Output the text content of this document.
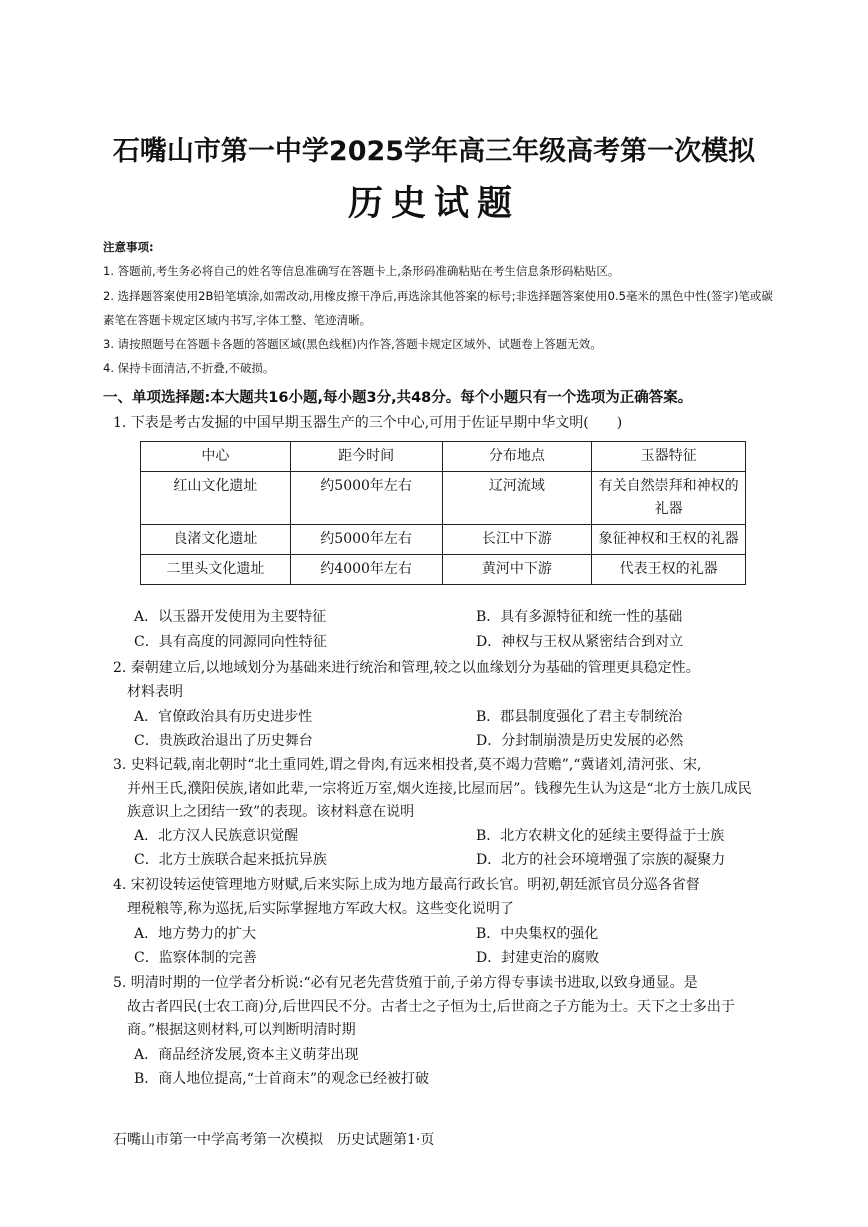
石嘴山市第一中学2025学年高三年级高考第一次模拟
历史试题
注意事项:
1. 答题前,考生务必将自己的姓名等信息准确写在答题卡上,条形码准确粘贴在考生信息条形码粘贴区。
2. 选择题答案使用2B铅笔填涂,如需改动,用橡皮擦干净后,再选涂其他答案的标号;非选择题答案使用0.5毫米的黑色中性(签字)笔或碳素笔在答题卡规定区域内书写,字体工整、笔迹清晰。
3. 请按照题号在答题卡各题的答题区域(黑色线框)内作答,答题卡规定区域外、试题卷上答题无效。
4. 保持卡面清洁,不折叠,不破损。
一、单项选择题:本大题共16小题,每小题3分,共48分。每个小题只有一个选项为正确答案。
1. 下表是考古发掘的中国早期玉器生产的三个中心,可用于佐证早期中华文明(　　)
中心	距今时间	分布地点	玉器特征
红山文化遗址	约5000年左右	辽河流域	有关自然崇拜和神权的礼器
良渚文化遗址	约5000年左右	长江中下游	象征神权和王权的礼器
二里头文化遗址	约4000年左右	黄河中下游	代表王权的礼器
A．以玉器开发使用为主要特征	B．具有多源特征和统一性的基础
C．具有高度的同源同向性特征	D．神权与王权从紧密结合到对立
2. 秦朝建立后,以地域划分为基础来进行统治和管理,较之以血缘划分为基础的管理更具稳定性。
材料表明
A．官僚政治具有历史进步性	B．郡县制度强化了君主专制统治
C．贵族政治退出了历史舞台	D．分封制崩溃是历史发展的必然
3. 史料记载,南北朝时“北土重同姓,谓之骨肉,有远来相投者,莫不竭力营赡”,“冀诸刘,清河张、宋,
并州王氏,濮阳侯族,诸如此辈,一宗将近万室,烟火连接,比屋而居”。钱穆先生认为这是“北方士族几成民族意识上之团结一致”的表现。该材料意在说明
A．北方汉人民族意识觉醒	B．北方农耕文化的延续主要得益于士族
C．北方士族联合起来抵抗异族	D．北方的社会环境增强了宗族的凝聚力
4. 宋初设转运使管理地方财赋,后来实际上成为地方最高行政长官。明初,朝廷派官员分巡各省督
理税粮等,称为巡抚,后实际掌握地方军政大权。这些变化说明了
A．地方势力的扩大	B．中央集权的强化
C．监察体制的完善	D．封建吏治的腐败
5. 明清时期的一位学者分析说:“必有兄老先营货殖于前,子弟方得专事读书进取,以致身通显。是
故古者四民(士农工商)分,后世四民不分。古者士之子恒为士,后世商之子方能为士。天下之士多出于商。”根据这则材料,可以判断明清时期
A．商品经济发展,资本主义萌芽出现
B．商人地位提高,“士首商末”的观念已经被打破
石嘴山市第一中学高考第一次模拟　历史试题第1·页
